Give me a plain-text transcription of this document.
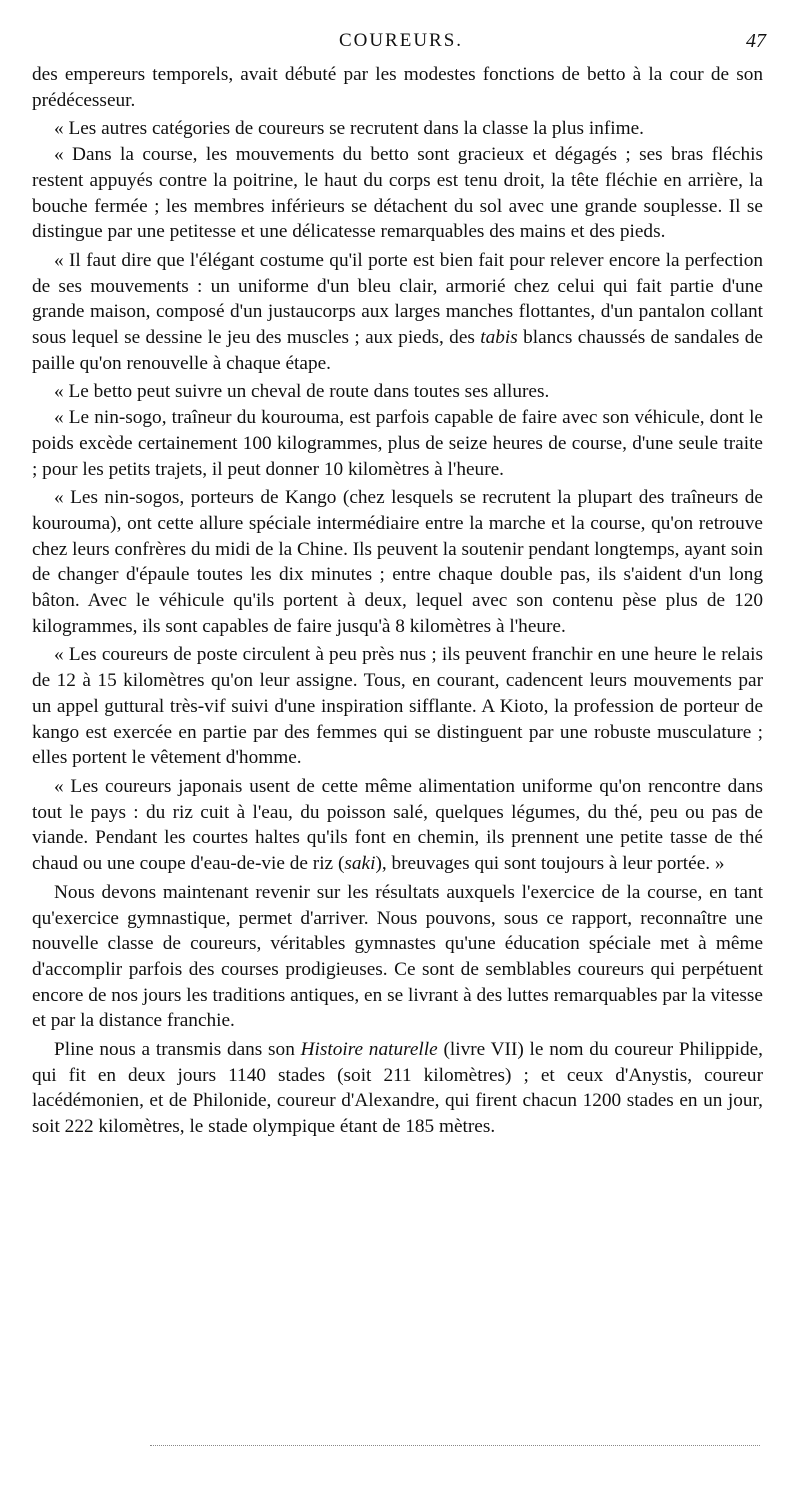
COUREURS.	47

des empereurs temporels, avait débuté par les modestes fonctions de betto à la cour de son prédécesseur.

« Les autres catégories de coureurs se recrutent dans la classe la plus infime.

« Dans la course, les mouvements du betto sont gracieux et dégagés ; ses bras fléchis restent appuyés contre la poitrine, le haut du corps est tenu droit, la tête fléchie en arrière, la bouche fermée ; les membres inférieurs se détachent du sol avec une grande souplesse. Il se distingue par une petitesse et une délicatesse remarquables des mains et des pieds.

« Il faut dire que l'élégant costume qu'il porte est bien fait pour relever encore la perfection de ses mouvements : un uniforme d'un bleu clair, armorié chez celui qui fait partie d'une grande maison, composé d'un justaucorps aux larges manches flottantes, d'un pantalon collant sous lequel se dessine le jeu des muscles ; aux pieds, des tabis blancs chaussés de sandales de paille qu'on renouvelle à chaque étape.

« Le betto peut suivre un cheval de route dans toutes ses allures.

« Le nin-sogo, traîneur du kourouma, est parfois capable de faire avec son véhicule, dont le poids excède certainement 100 kilogrammes, plus de seize heures de course, d'une seule traite ; pour les petits trajets, il peut donner 10 kilomètres à l'heure.

« Les nin-sogos, porteurs de Kango (chez lesquels se recrutent la plupart des traîneurs de kourouma), ont cette allure spéciale intermédiaire entre la marche et la course, qu'on retrouve chez leurs confrères du midi de la Chine. Ils peuvent la soutenir pendant longtemps, ayant soin de changer d'épaule toutes les dix minutes ; entre chaque double pas, ils s'aident d'un long bâton. Avec le véhicule qu'ils portent à deux, lequel avec son contenu pèse plus de 120 kilogrammes, ils sont capables de faire jusqu'à 8 kilomètres à l'heure.

« Les coureurs de poste circulent à peu près nus ; ils peuvent franchir en une heure le relais de 12 à 15 kilomètres qu'on leur assigne. Tous, en courant, cadencent leurs mouvements par un appel guttural très-vif suivi d'une inspiration sifflante. A Kioto, la profession de porteur de kango est exercée en partie par des femmes qui se distinguent par une robuste musculature ; elles portent le vêtement d'homme.

« Les coureurs japonais usent de cette même alimentation uniforme qu'on rencontre dans tout le pays : du riz cuit à l'eau, du poisson salé, quelques légumes, du thé, peu ou pas de viande. Pendant les courtes haltes qu'ils font en chemin, ils prennent une petite tasse de thé chaud ou une coupe d'eau-de-vie de riz (saki), breuvages qui sont toujours à leur portée. »

Nous devons maintenant revenir sur les résultats auxquels l'exercice de la course, en tant qu'exercice gymnastique, permet d'arriver. Nous pouvons, sous ce rapport, reconnaître une nouvelle classe de coureurs, véritables gymnastes qu'une éducation spéciale met à même d'accomplir parfois des courses prodigieuses. Ce sont de semblables coureurs qui perpétuent encore de nos jours les traditions antiques, en se livrant à des luttes remarquables par la vitesse et par la distance franchie.

Pline nous a transmis dans son Histoire naturelle (livre VII) le nom du coureur Philippide, qui fit en deux jours 1140 stades (soit 211 kilomètres) ; et ceux d'Anystis, coureur lacédémonien, et de Philonide, coureur d'Alexandre, qui firent chacun 1200 stades en un jour, soit 222 kilomètres, le stade olympique étant de 185 mètres.
